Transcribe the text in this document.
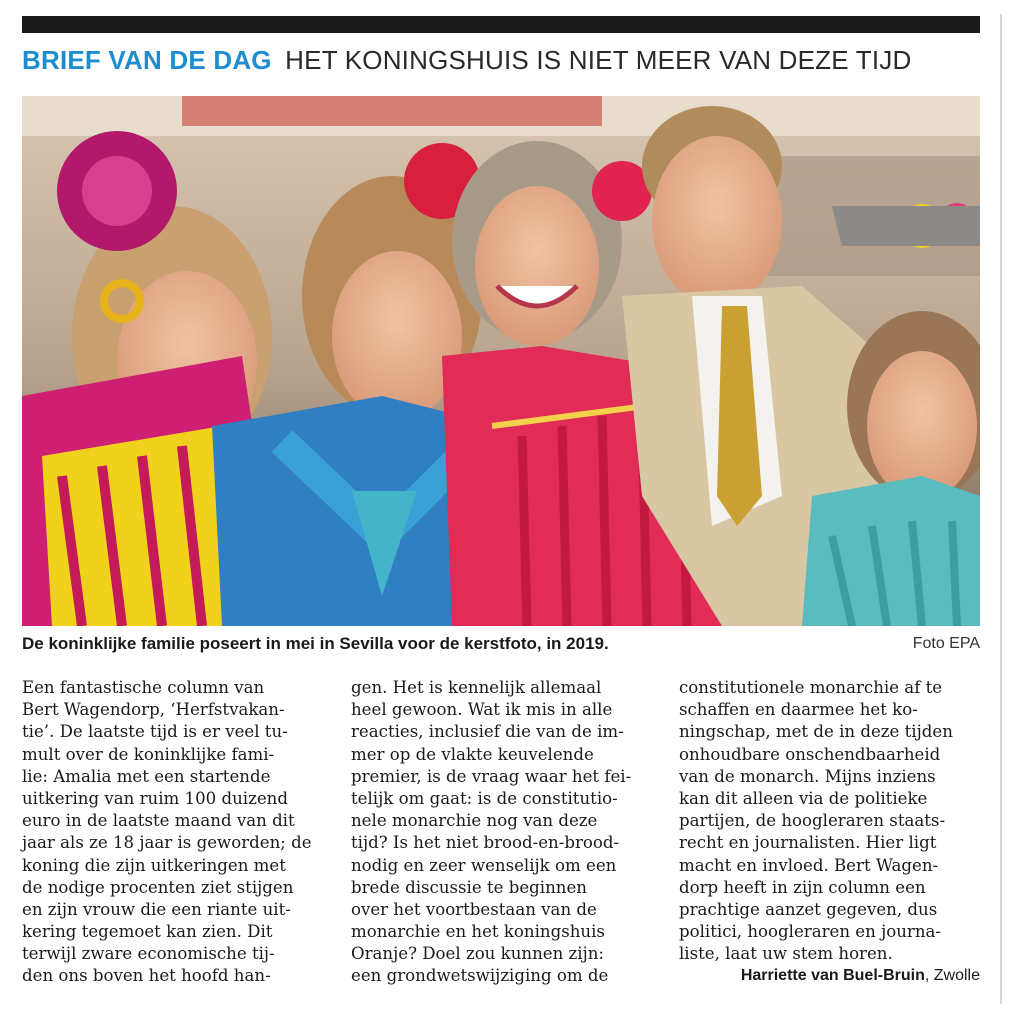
BRIEF VAN DE DAG HET KONINGSHUIS IS NIET MEER VAN DEZE TIJD
De koninklijke familie poseert in mei in Sevilla voor de kerstfoto, in 2019.	Foto EPA
Een fantastische column van
Bert Wagendorp, ‘Herfstvakan-
tie’. De laatste tijd is er veel tu-
mult over de koninklijke fami-
lie: Amalia met een startende
uitkering van ruim 100 duizend
euro in de laatste maand van dit
jaar als ze 18 jaar is geworden; de
koning die zijn uitkeringen met
de nodige procenten ziet stijgen
en zijn vrouw die een riante uit-
kering tegemoet kan zien. Dit
terwijl zware economische tij-
den ons boven het hoofd han-
gen. Het is kennelijk allemaal
heel gewoon. Wat ik mis in alle
reacties, inclusief die van de im-
mer op de vlakte keuvelende
premier, is de vraag waar het fei-
telijk om gaat: is de constitutio-
nele monarchie nog van deze
tijd? Is het niet brood-en-brood-
nodig en zeer wenselijk om een
brede discussie te beginnen
over het voortbestaan van de
monarchie en het koningshuis
Oranje? Doel zou kunnen zijn:
een grondwetswijziging om de
constitutionele monarchie af te
schaffen en daarmee het ko-
ningschap, met de in deze tijden
onhoudbare onschendbaarheid
van de monarch. Mijns inziens
kan dit alleen via de politieke
partijen, de hoogleraren staats-
recht en journalisten. Hier ligt
macht en invloed. Bert Wagen-
dorp heeft in zijn column een
prachtige aanzet gegeven, dus
politici, hoogleraren en journa-
liste, laat uw stem horen.
Harriette van Buel-Bruin, Zwolle
